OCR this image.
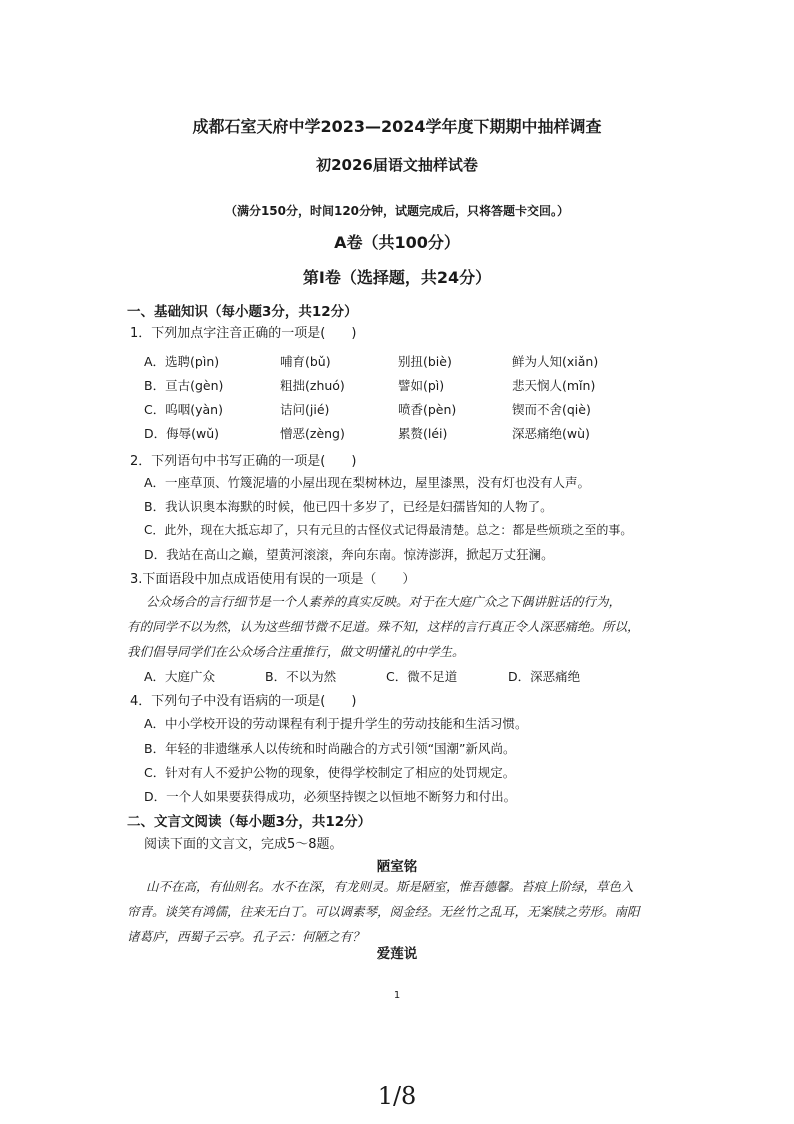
成都石室天府中学2023—2024学年度下期期中抽样调查
初2026届语文抽样试卷
（满分150分，时间120分钟，试题完成后，只将答题卡交回。）
A卷（共100分）
第Ⅰ卷（选择题，共24分）
一、基础知识（每小题3分，共12分）
1．下列加点字注音正确的一项是(　　)
A．选聘(pìn)	哺育(bǔ)	别扭(biè)	鲜为人知(xiǎn)
B．亘古(gèn)	粗拙(zhuó)	譬如(pì)	悲天悯人(mǐn)
C．呜咽(yàn)	诘问(jié)	喷香(pèn)	锲而不舍(qiè)
D．侮辱(wǔ)	憎恶(zèng)	累赘(léi)	深恶痛绝(wù)
2．下列语句中书写正确的一项是(　　)
A．一座草顶、竹篾泥墙的小屋出现在梨树林边，屋里漆黑，没有灯也没有人声。
B．我认识奥本海默的时候，他已四十多岁了，已经是妇孺皆知的人物了。
C．此外，现在大抵忘却了，只有元旦的古怪仪式记得最清楚。总之：都是些烦琐之至的事。
D．我站在高山之巅，望黄河滚滚，奔向东南。惊涛澎湃，掀起万丈狂澜。
3.下面语段中加点成语使用有误的一项是（　　）
公众场合的言行细节是一个人素养的真实反映。对于在大庭广众之下偶讲脏话的行为，
有的同学不以为然，认为这些细节微不足道。殊不知，这样的言行真正令人深恶痛绝。所以，
我们倡导同学们在公众场合注重推行，做文明懂礼的中学生。
A．大庭广众	B．不以为然	C．微不足道	D．深恶痛绝
4．下列句子中没有语病的一项是(　　)
A．中小学校开设的劳动课程有利于提升学生的劳动技能和生活习惯。
B．年轻的非遗继承人以传统和时尚融合的方式引领“国潮”新风尚。
C．针对有人不爱护公物的现象，使得学校制定了相应的处罚规定。
D．一个人如果要获得成功，必须坚持锲之以恒地不断努力和付出。
二、文言文阅读（每小题3分，共12分）
阅读下面的文言文，完成5～8题。
陋室铭
山不在高，有仙则名。水不在深，有龙则灵。斯是陋室，惟吾德馨。苔痕上阶绿，草色入
帘青。谈笑有鸿儒，往来无白丁。可以调素琴，阅金经。无丝竹之乱耳，无案牍之劳形。南阳
诸葛庐，西蜀子云亭。孔子云：何陋之有？
爱莲说
1
1/8
